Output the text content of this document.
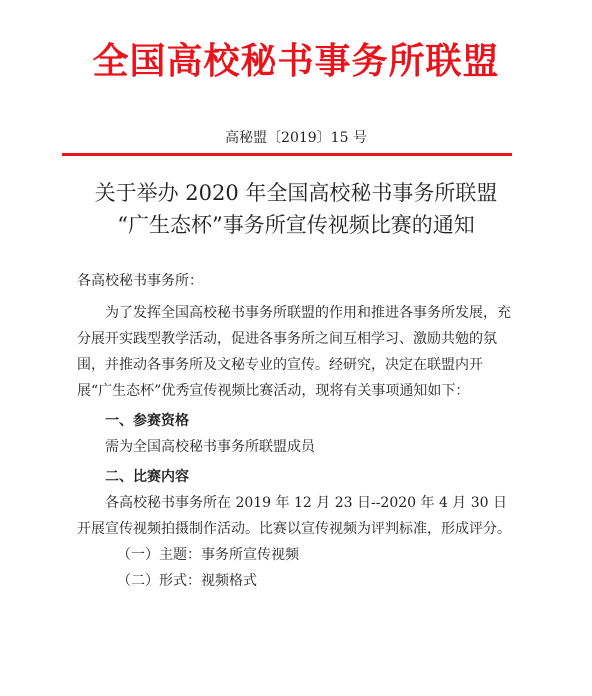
全国高校秘书事务所联盟
高秘盟〔2019〕15 号
关于举办 2020 年全国高校秘书事务所联盟
“广生态杯”事务所宣传视频比赛的通知

各高校秘书事务所：

为了发挥全国高校秘书事务所联盟的作用和推进各事务所发展，充分展开实践型教学活动，促进各事务所之间互相学习、激励共勉的氛围，并推动各事务所及文秘专业的宣传。经研究，决定在联盟内开展“广生态杯”优秀宣传视频比赛活动，现将有关事项通知如下：

一、参赛资格

需为全国高校秘书事务所联盟成员

二、比赛内容

各高校秘书事务所在 2019 年 12 月 23 日--2020 年 4 月 30 日开展宣传视频拍摄制作活动。比赛以宣传视频为评判标准，形成评分。

（一）主题：事务所宣传视频

（二）形式：视频格式
